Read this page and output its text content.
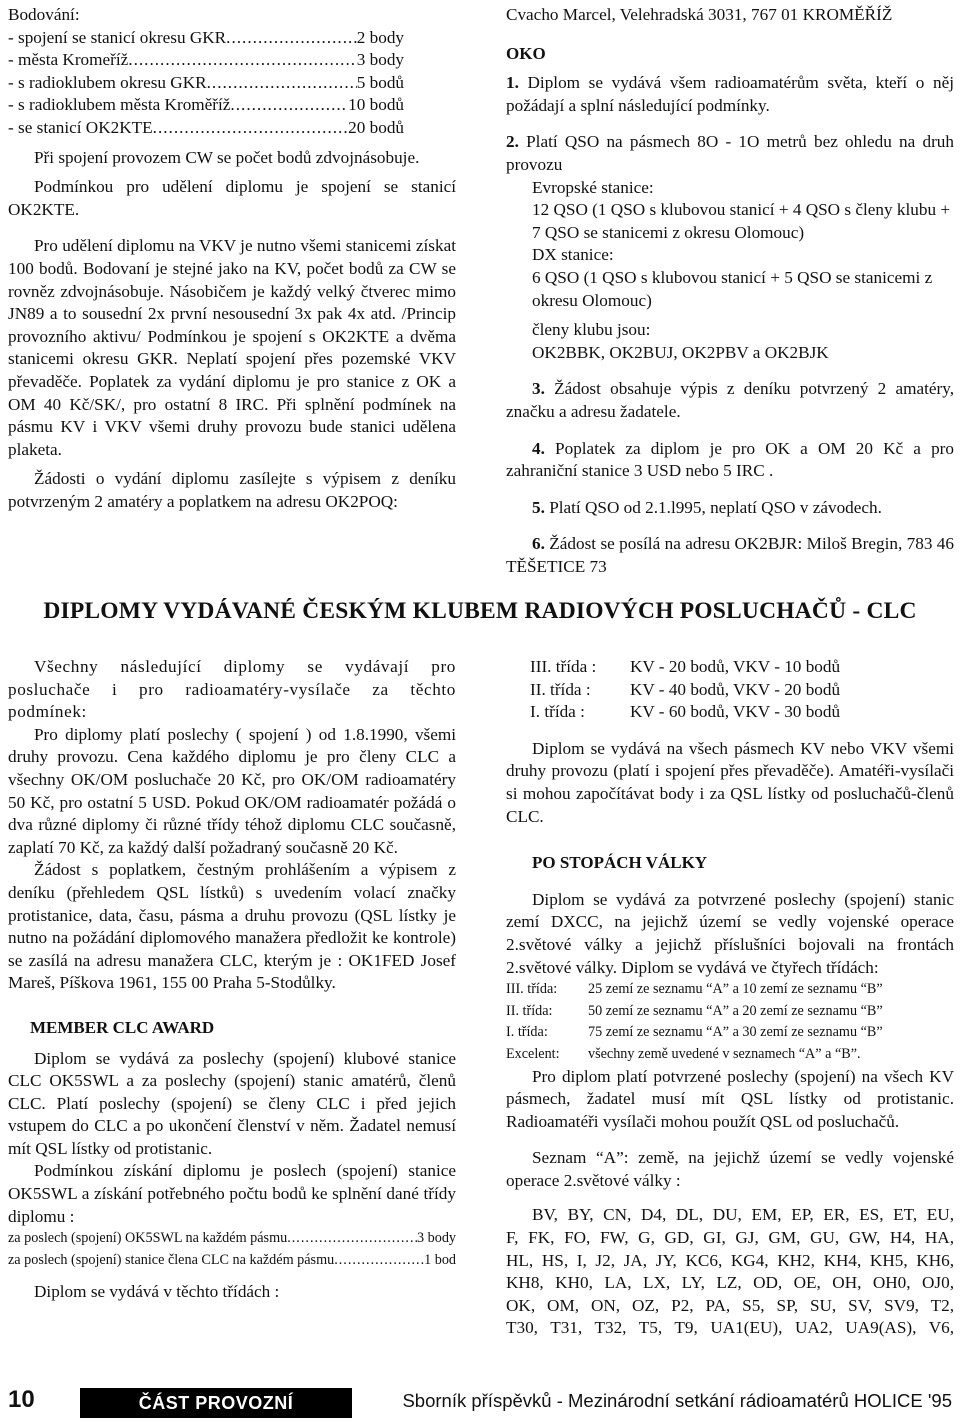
Bodování:

- spojení se stanicí okresu GKR .....	2 body
- města Kromeříž .....	3 body
- s radioklubem okresu GKR .....	5 bodů
- s radioklubem města Kroměříž .....	10 bodů
- se stanicí OK2KTE .....	20 bodů

Při spojení provozem CW se počet bodů zdvojnásobuje.

Podmínkou pro udělení diplomu je spojení se stanicí OK2KTE.

Pro udělení diplomu na VKV je nutno všemi stanicemi získat 100 bodů. Bodovaní je stejné jako na KV, počet bodů za CW se rovněz zdvojnásobuje. Násobičem je každý velký čtverec mimo JN89 a to sousední 2x první nesousední 3x pak 4x atd. /Princip provozního aktivu/ Podmínkou je spojení s OK2KTE a dvěma stanicemi okresu GKR. Neplatí spojení přes pozemské VKV převaděče. Poplatek za vydání diplomu je pro stanice z OK a OM 40 Kč/SK/, pro ostatní 8 IRC. Při splnění podmínek na pásmu KV i VKV všemi druhy provozu bude stanici udělena plaketa.

Žádosti o vydání diplomu zasílejte s výpisem z deníku potvrzeným 2 amatéry a poplatkem na adresu OK2POQ:

Cvacho Marcel, Velehradská 3031, 767 01 KROMĚŘÍŽ

OKO

1. Diplom se vydává všem radioamatérům světa, kteří o něj požádají a splní následující podmínky.

2. Platí QSO na pásmech 8O - 1O metrů bez ohledu na druh provozu

Evropské stanice:

12 QSO (1 QSO s klubovou stanicí + 4 QSO s členy klubu + 7 QSO se stanicemi z okresu Olomouc)

DX stanice:

6 QSO (1 QSO s klubovou stanicí + 5 QSO se stanicemi z okresu Olomouc)

členy klubu jsou:

OK2BBK, OK2BUJ, OK2PBV a OK2BJK

3. Žádost obsahuje výpis z deníku potvrzený 2 amatéry, značku a adresu žadatele.

4. Poplatek za diplom je pro OK a OM 20 Kč a pro zahraniční stanice 3 USD nebo 5 IRC .

5. Platí QSO od 2.1.l995, neplatí QSO v závodech.

6. Žádost se posílá na adresu OK2BJR: Miloš Bregin, 783 46 TĚŠETICE 73

DIPLOMY VYDÁVANÉ ČESKÝM KLUBEM RADIOVÝCH POSLUCHAČŮ - CLC

Všechny následující diplomy se vydávají pro posluchače i pro radioamatéry-vysílače za těchto podmínek:

Pro diplomy platí poslechy ( spojení ) od 1.8.1990, všemi druhy provozu. Cena každého diplomu je pro členy CLC a všechny OK/OM posluchače 20 Kč, pro OK/OM radioamatéry 50 Kč, pro ostatní 5 USD. Pokud OK/OM radioamatér požádá o dva různé diplomy či různé třídy téhož diplomu CLC současně, zaplatí 70 Kč, za každý další požadraný současně 20 Kč.

Žádost s poplatkem, čestným prohlášením a výpisem z deníku (přehledem QSL lístků) s uvedením volací značky protistanice, data, času, pásma a druhu provozu (QSL lístky je nutno na požádání diplomového manažera předložit ke kontrole) se zasílá na adresu manažera CLC, kterým je : OK1FED Josef Mareš, Píškova 1961, 155 00 Praha 5-Stodůlky.

MEMBER CLC AWARD

Diplom se vydává za poslechy (spojení) klubové stanice CLC OK5SWL a za poslechy (spojení) stanic amatérů, členů CLC. Platí poslechy (spojení) se členy CLC i před jejich vstupem do CLC a po ukončení členství v něm. Žadatel nemusí mít QSL lístky od protistanic.

Podmínkou získání diplomu je poslech (spojení) stanice OK5SWL a získání potřebného počtu bodů ke splnění dané třídy diplomu :

za poslech (spojení) OK5SWL na každém pásmu .....	3 body
za poslech (spojení) stanice člena CLC na každém pásmu .....	1 bod

Diplom se vydává v těchto třídách :

III. třída :	KV - 20 bodů, VKV - 10 bodů
II. třída :	KV - 40 bodů, VKV - 20 bodů
I. třída :	KV - 60 bodů, VKV - 30 bodů

Diplom se vydává na všech pásmech KV nebo VKV všemi druhy provozu (platí i spojení přes převaděče). Amatéři-vysílači si mohou započítávat body i za QSL lístky od posluchačů-členů CLC.

PO STOPÁCH VÁLKY

Diplom se vydává za potvrzené poslechy (spojení) stanic zemí DXCC, na jejichž území se vedly vojenské operace 2.světové války a jejichž příslušníci bojovali na frontách 2.světové války. Diplom se vydává ve čtyřech třídách:

III. třída:	25 zemí ze seznamu “A” a 10 zemí ze seznamu “B”
II. třída:	50 zemí ze seznamu “A” a 20 zemí ze seznamu “B”
I. třída:	75 zemí ze seznamu “A” a 30 zemí ze seznamu “B”
Excelent:	všechny země uvedené v seznamech “A” a “B”.

Pro diplom platí potvrzené poslechy (spojení) na všech KV pásmech, žadatel musí mít QSL lístky od protistanic. Radioamatéři vysílači mohou použít QSL od posluchačů.

Seznam “A”: země, na jejichž území se vedly vojenské operace 2.světové války :

BV, BY, CN, D4, DL, DU, EM, EP, ER, ES, ET, EU,

F, FK, FO, FW, G, GD, GI, GJ, GM, GU, GW, H4, HA,

HL, HS, I, J2, JA, JY, KC6, KG4, KH2, KH4, KH5, KH6,

KH8, KH0, LA, LX, LY, LZ, OD, OE, OH, OH0, OJ0,

OK, OM, ON, OZ, P2, PA, S5, SP, SU, SV, SV9, T2,

T30, T31, T32, T5, T9, UA1(EU), UA2, UA9(AS), V6,

10	ČÁST PROVOZNÍ	Sborník příspěvků - Mezinárodní setkání rádioamatérů HOLICE '95
